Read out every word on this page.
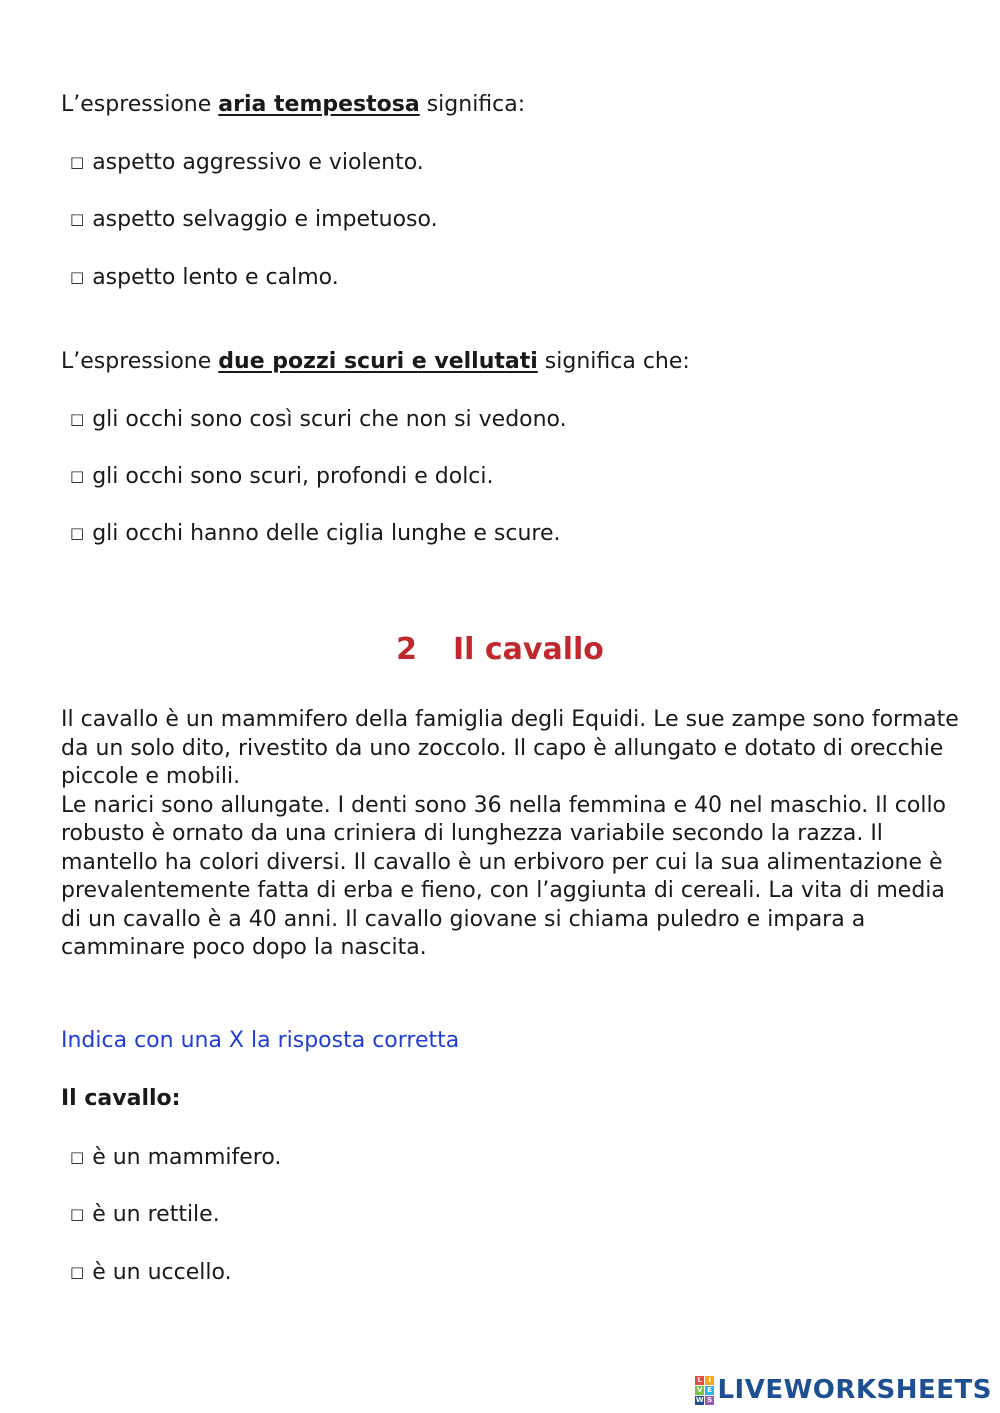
L’espressione aria tempestosa significa:
□ aspetto aggressivo e violento.
□ aspetto selvaggio e impetuoso.
□ aspetto lento e calmo.
L’espressione due pozzi scuri e vellutati significa che:
□ gli occhi sono così scuri che non si vedono.
□ gli occhi sono scuri, profondi e dolci.
□ gli occhi hanno delle ciglia lunghe e scure.
2 Il cavallo

Il cavallo è un mammifero della famiglia degli Equidi. Le sue zampe sono formate da un solo dito, rivestito da uno zoccolo. Il capo è allungato e dotato di orecchie piccole e mobili.

Le narici sono allungate. I denti sono 36 nella femmina e 40 nel maschio. Il collo robusto è ornato da una criniera di lunghezza variabile secondo la razza. Il mantello ha colori diversi. Il cavallo è un erbivoro per cui la sua alimentazione è prevalentemente fatta di erba e fieno, con l’aggiunta di cereali. La vita di media di un cavallo è a 40 anni. Il cavallo giovane si chiama puledro e impara a camminare poco dopo la nascita.

Indica con una X la risposta corretta
Il cavallo:
□ è un mammifero.
□ è un rettile.
□ è un uccello.
L I
V E
W S LIVEWORKSHEETS
